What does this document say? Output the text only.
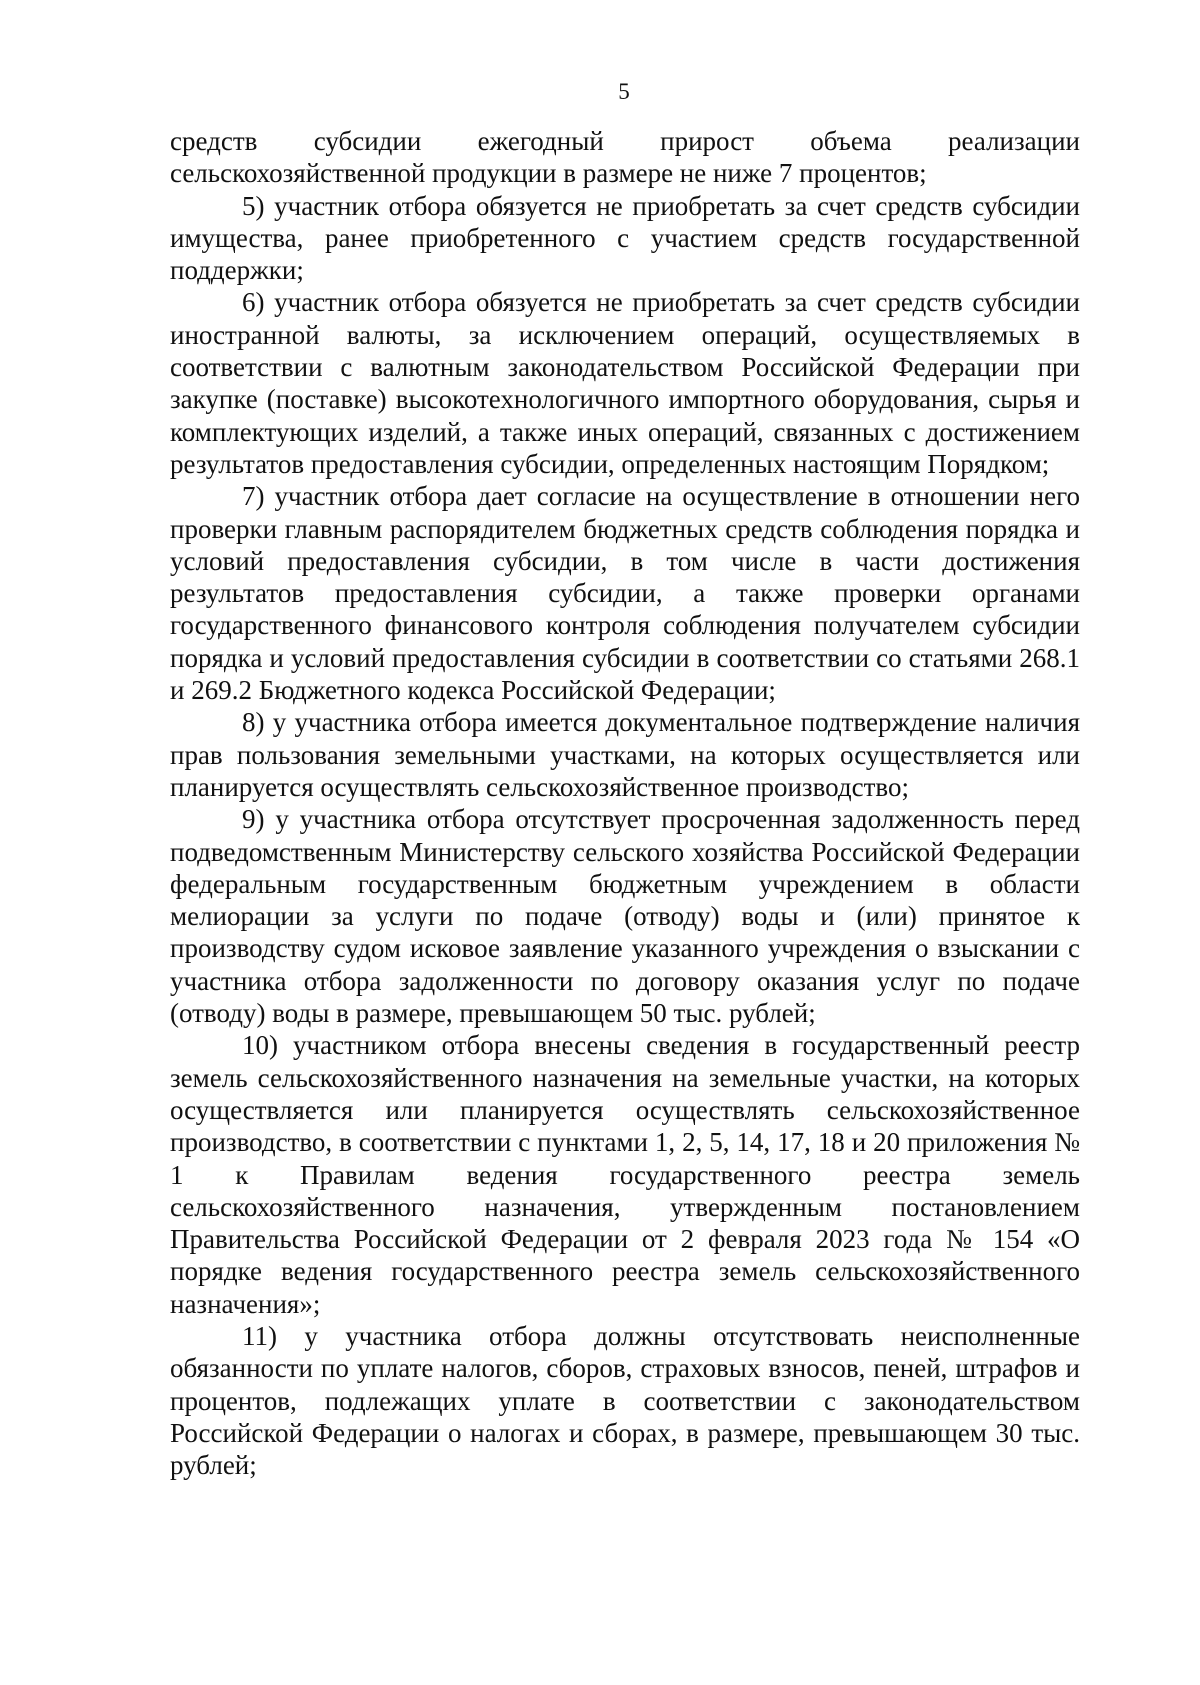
5

средств субсидии ежегодный прирост объема реализации сельскохозяйственной продукции в размере не ниже 7 процентов;

5) участник отбора обязуется не приобретать за счет средств субсидии имущества, ранее приобретенного с участием средств государственной поддержки;

6) участник отбора обязуется не приобретать за счет средств субсидии иностранной валюты, за исключением операций, осуществляемых в соответствии с валютным законодательством Российской Федерации при закупке (поставке) высокотехнологичного импортного оборудования, сырья и комплектующих изделий, а также иных операций, связанных с достижением результатов предоставления субсидии, определенных настоящим Порядком;

7) участник отбора дает согласие на осуществление в отношении него проверки главным распорядителем бюджетных средств соблюдения порядка и условий предоставления субсидии, в том числе в части достижения результатов предоставления субсидии, а также проверки органами государственного финансового контроля соблюдения получателем субсидии порядка и условий предоставления субсидии в соответствии со статьями 268.1 и 269.2 Бюджетного кодекса Российской Федерации;

8) у участника отбора имеется документальное подтверждение наличия прав пользования земельными участками, на которых осуществляется или планируется осуществлять сельскохозяйственное производство;

9) у участника отбора отсутствует просроченная задолженность перед подведомственным Министерству сельского хозяйства Российской Федерации федеральным государственным бюджетным учреждением в области мелиорации за услуги по подаче (отводу) воды и (или) принятое к производству судом исковое заявление указанного учреждения о взыскании с участника отбора задолженности по договору оказания услуг по подаче (отводу) воды в размере, превышающем 50 тыс. рублей;

10) участником отбора внесены сведения в государственный реестр земель сельскохозяйственного назначения на земельные участки, на которых осуществляется или планируется осуществлять сельскохозяйственное производство, в соответствии с пунктами 1, 2, 5, 14, 17, 18 и 20 приложения № 1 к Правилам ведения государственного реестра земель сельскохозяйственного назначения, утвержденным постановлением Правительства Российской Федерации от 2 февраля 2023 года № 154 «О порядке ведения государственного реестра земель сельскохозяйственного назначения»;

11) у участника отбора должны отсутствовать неисполненные обязанности по уплате налогов, сборов, страховых взносов, пеней, штрафов и процентов, подлежащих уплате в соответствии с законодательством Российской Федерации о налогах и сборах, в размере, превышающем 30 тыс. рублей;
